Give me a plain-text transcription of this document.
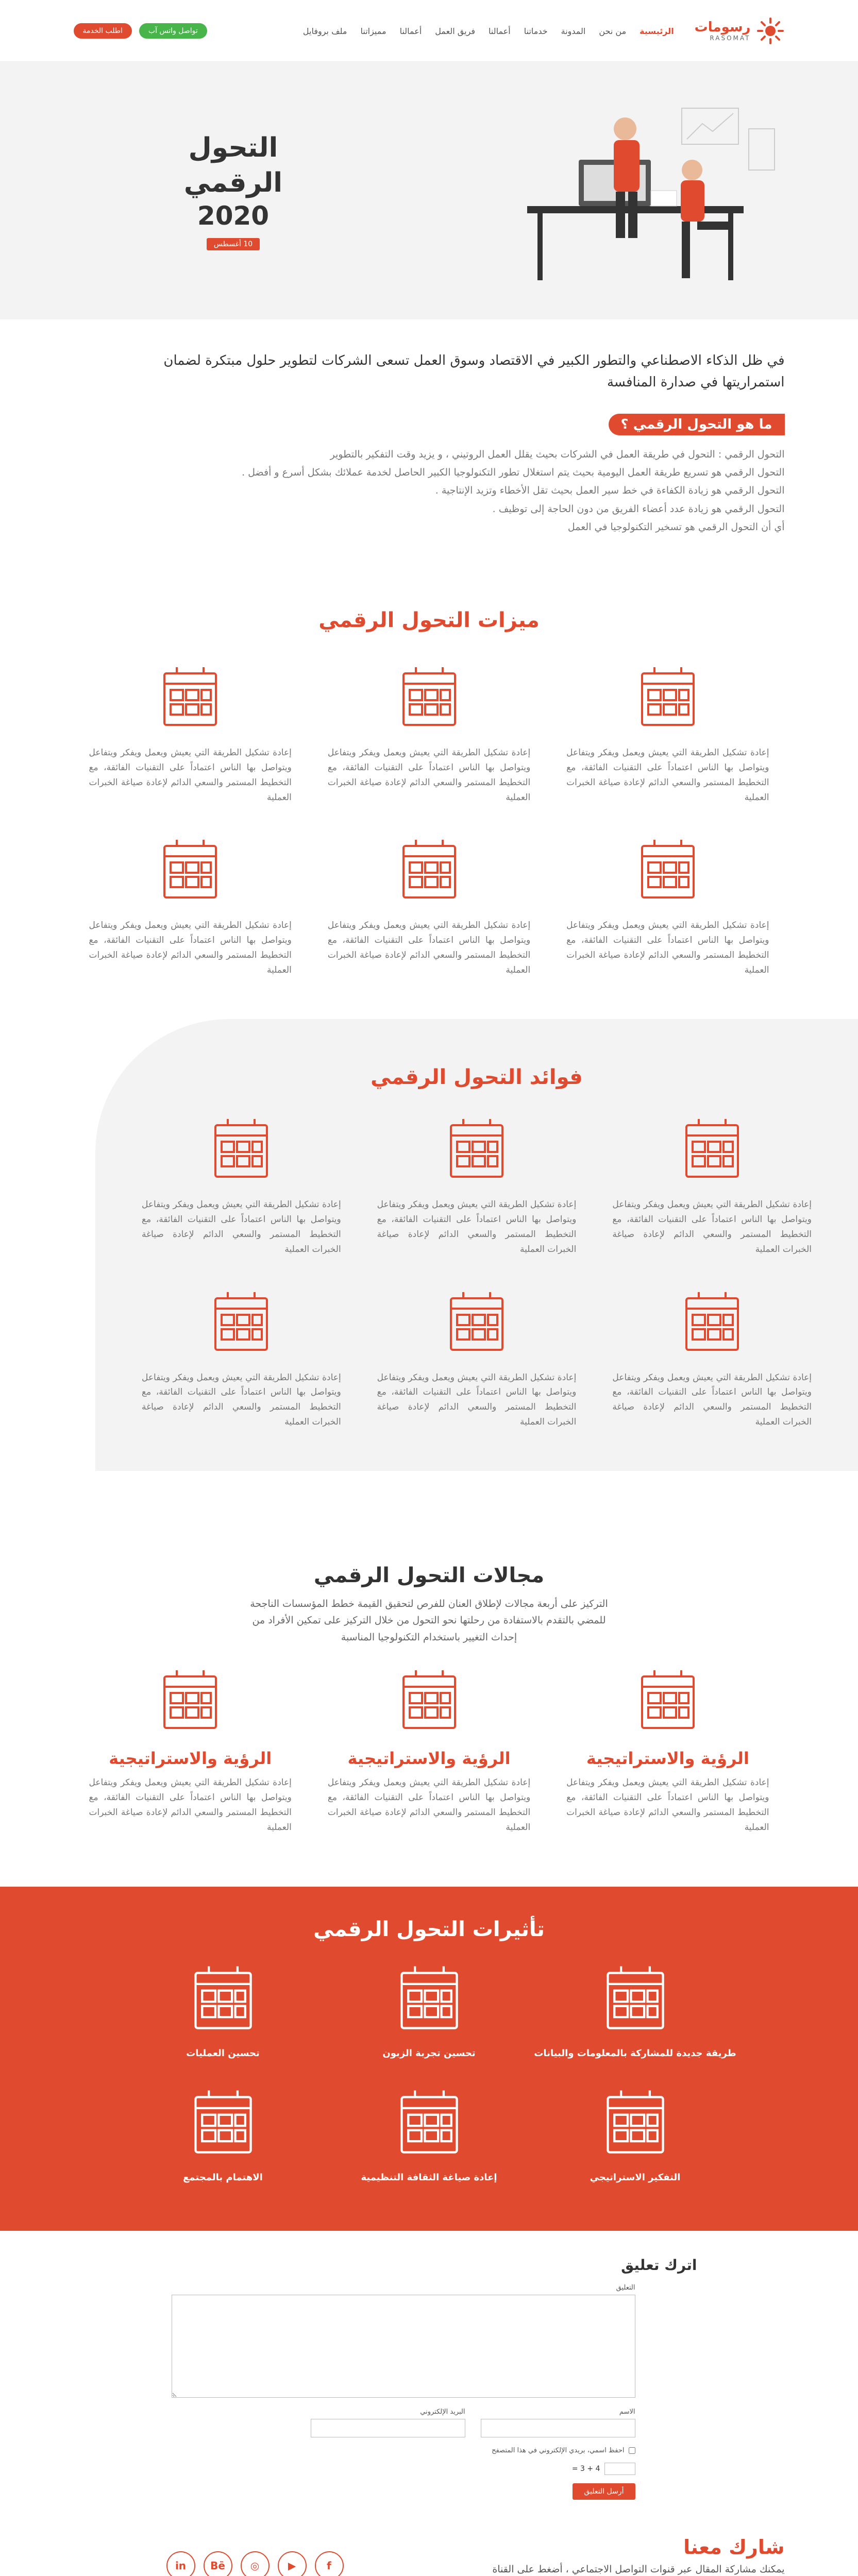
رسومات
RASOMAT
الرئيسية
من نحن
المدونة
خدماتنا
أعمالنا
فريق العمل
أعمالنا
مميزاتنا
ملف بروفايل
تواصل واتس آب
اطلب الخدمة
التحول الرقمي
2020
10 أغسطس

في ظل الذكاء الاصطناعي والتطور الكبير في الاقتصاد وسوق العمل تسعى الشركات لتطوير حلول مبتكرة لضمان استمراريتها في صدارة المنافسة

ما هو التحول الرقمي ؟

التحول الرقمي : التحول في طريقة العمل في الشركات بحيث يقلل العمل الروتيني ، و يزيد وقت التفكير بالتطوير

التحول الرقمي هو تسريع طريقة العمل اليومية بحيث يتم استغلال تطور التكنولوجيا الكبير الحاصل لخدمة عملائك بشكل أسرع و أفضل .

التحول الرقمي هو زيادة الكفاءة في خط سير العمل بحيث تقل الأخطاء وتزيد الإنتاجية .

التحول الرقمي هو زيادة عدد أعضاء الفريق من دون الحاجة إلى توظيف .

أي أن التحول الرقمي هو تسخير التكنولوجيا في العمل

ميزات التحول الرقمي

إعادة تشكيل الطريقة التي يعيش ويعمل ويفكر ويتفاعل ويتواصل بها الناس اعتماداً على التقنيات الفائقة، مع التخطيط المستمر والسعي الدائم لإعادة صياغة الخبرات العملية

إعادة تشكيل الطريقة التي يعيش ويعمل ويفكر ويتفاعل ويتواصل بها الناس اعتماداً على التقنيات الفائقة، مع التخطيط المستمر والسعي الدائم لإعادة صياغة الخبرات العملية

إعادة تشكيل الطريقة التي يعيش ويعمل ويفكر ويتفاعل ويتواصل بها الناس اعتماداً على التقنيات الفائقة، مع التخطيط المستمر والسعي الدائم لإعادة صياغة الخبرات العملية

إعادة تشكيل الطريقة التي يعيش ويعمل ويفكر ويتفاعل ويتواصل بها الناس اعتماداً على التقنيات الفائقة، مع التخطيط المستمر والسعي الدائم لإعادة صياغة الخبرات العملية

إعادة تشكيل الطريقة التي يعيش ويعمل ويفكر ويتفاعل ويتواصل بها الناس اعتماداً على التقنيات الفائقة، مع التخطيط المستمر والسعي الدائم لإعادة صياغة الخبرات العملية

إعادة تشكيل الطريقة التي يعيش ويعمل ويفكر ويتفاعل ويتواصل بها الناس اعتماداً على التقنيات الفائقة، مع التخطيط المستمر والسعي الدائم لإعادة صياغة الخبرات العملية

فوائد التحول الرقمي

إعادة تشكيل الطريقة التي يعيش ويعمل ويفكر ويتفاعل ويتواصل بها الناس اعتماداً على التقنيات الفائقة، مع التخطيط المستمر والسعي الدائم لإعادة صياغة الخبرات العملية

إعادة تشكيل الطريقة التي يعيش ويعمل ويفكر ويتفاعل ويتواصل بها الناس اعتماداً على التقنيات الفائقة، مع التخطيط المستمر والسعي الدائم لإعادة صياغة الخبرات العملية

إعادة تشكيل الطريقة التي يعيش ويعمل ويفكر ويتفاعل ويتواصل بها الناس اعتماداً على التقنيات الفائقة، مع التخطيط المستمر والسعي الدائم لإعادة صياغة الخبرات العملية

إعادة تشكيل الطريقة التي يعيش ويعمل ويفكر ويتفاعل ويتواصل بها الناس اعتماداً على التقنيات الفائقة، مع التخطيط المستمر والسعي الدائم لإعادة صياغة الخبرات العملية

إعادة تشكيل الطريقة التي يعيش ويعمل ويفكر ويتفاعل ويتواصل بها الناس اعتماداً على التقنيات الفائقة، مع التخطيط المستمر والسعي الدائم لإعادة صياغة الخبرات العملية

إعادة تشكيل الطريقة التي يعيش ويعمل ويفكر ويتفاعل ويتواصل بها الناس اعتماداً على التقنيات الفائقة، مع التخطيط المستمر والسعي الدائم لإعادة صياغة الخبرات العملية

مجالات التحول الرقمي

التركيز على أربعة مجالات لإطلاق العنان للفرص لتحقيق القيمة خطط المؤسسات الناجحة للمضي بالتقدم بالاستفادة من رحلتها نحو التحول من خلال التركيز على تمكين الأفراد من إحداث التغيير باستخدام التكنولوجيا المناسبة

الرؤية والاستراتيجية

إعادة تشكيل الطريقة التي يعيش ويعمل ويفكر ويتفاعل ويتواصل بها الناس اعتماداً على التقنيات الفائقة، مع التخطيط المستمر والسعي الدائم لإعادة صياغة الخبرات العملية

الرؤية والاستراتيجية

إعادة تشكيل الطريقة التي يعيش ويعمل ويفكر ويتفاعل ويتواصل بها الناس اعتماداً على التقنيات الفائقة، مع التخطيط المستمر والسعي الدائم لإعادة صياغة الخبرات العملية

الرؤية والاستراتيجية

إعادة تشكيل الطريقة التي يعيش ويعمل ويفكر ويتفاعل ويتواصل بها الناس اعتماداً على التقنيات الفائقة، مع التخطيط المستمر والسعي الدائم لإعادة صياغة الخبرات العملية

تأثيرات التحول الرقمي
طريقة جديدة للمشاركة بالمعلومات والبيانات
تحسين تجربة الزبون
تحسين العمليات
التفكير الاستراتيجي
إعادة صياغة الثقافة التنظيمية
الاهتمام بالمجتمع
اترك تعليق
التعليق
الاسم
البريد الإلكتروني
احفظ اسمي، بريدي الإلكتروني في هذا المتصفح
4 + 3 =
أرسل التعليق
شارك معنا
يمكنك مشاركة المقال عبر قنوات التواصل الاجتماعي ، أضغط على القناة
f
▶
◎
Bē
in
